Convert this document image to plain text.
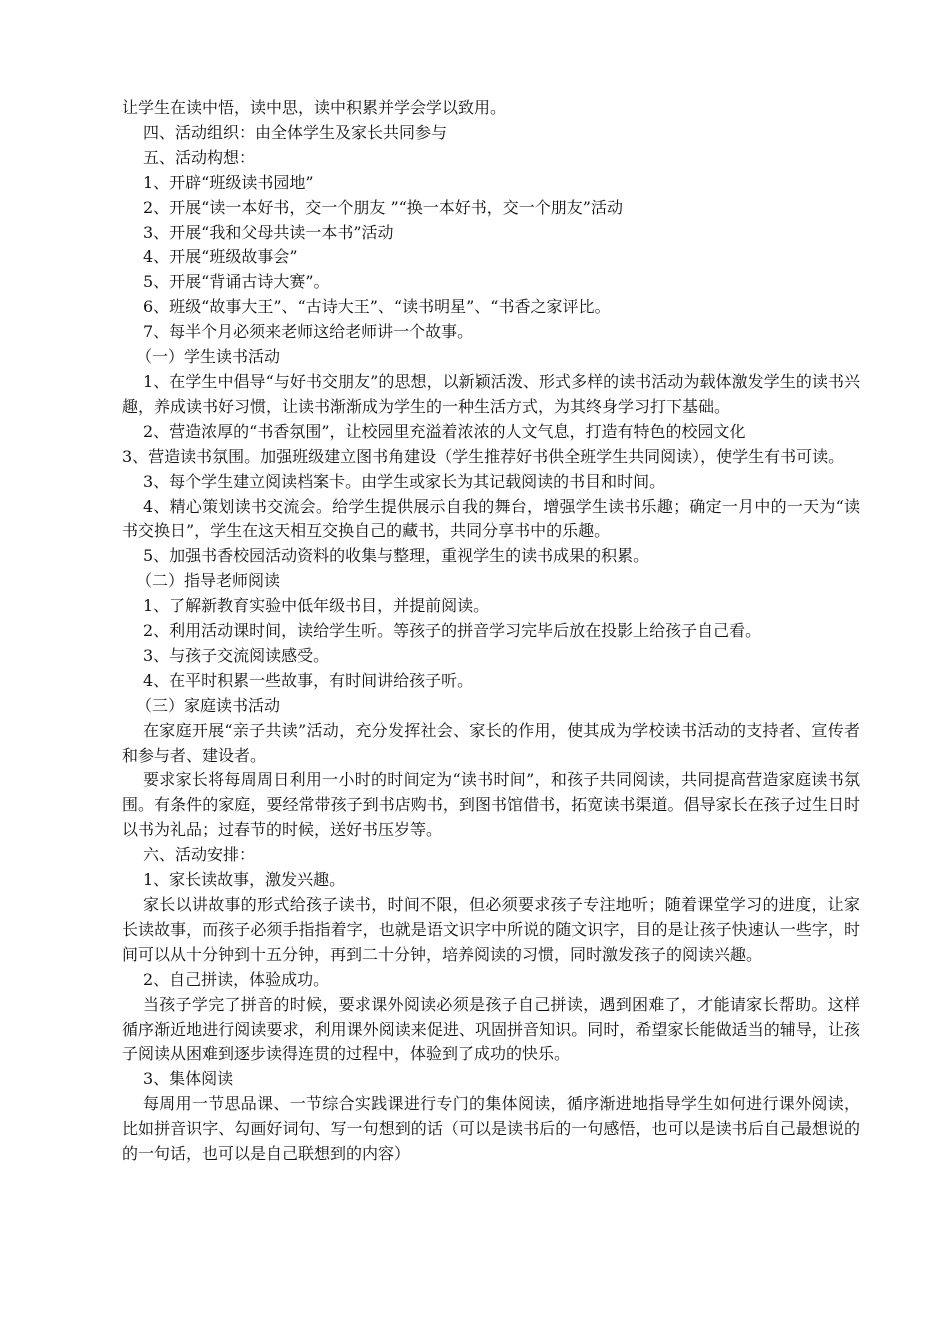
让学生在读中悟，读中思，读中积累并学会学以致用。

四、活动组织：由全体学生及家长共同参与

五、活动构想：

1、开辟“班级读书园地”

2、开展“读一本好书，交一个朋友 ”“换一本好书，交一个朋友”活动

3、开展“我和父母共读一本书”活动

4、开展“班级故事会”

5、开展“背诵古诗大赛”。

6、班级“故事大王”、“古诗大王”、“读书明星”、“书香之家评比。

7、每半个月必须来老师这给老师讲一个故事。

（一）学生读书活动

1、在学生中倡导“与好书交朋友”的思想，以新颖活泼、形式多样的读书活动为载体激发学生的读书兴趣，养成读书好习惯，让读书渐渐成为学生的一种生活方式，为其终身学习打下基础。

2、营造浓厚的“书香氛围”，让校园里充溢着浓浓的人文气息，打造有特色的校园文化

3、营造读书氛围。加强班级建立图书角建设（学生推荐好书供全班学生共同阅读），使学生有书可读。

3、每个学生建立阅读档案卡。由学生或家长为其记载阅读的书目和时间。

4、精心策划读书交流会。给学生提供展示自我的舞台，增强学生读书乐趣；确定一月中的一天为“读书交换日”，学生在这天相互交换自己的藏书，共同分享书中的乐趣。

5、加强书香校园活动资料的收集与整理，重视学生的读书成果的积累。

（二）指导老师阅读

1、了解新教育实验中低年级书目，并提前阅读。

2、利用活动课时间，读给学生听。等孩子的拼音学习完毕后放在投影上给孩子自己看。

3、与孩子交流阅读感受。

4、在平时积累一些故事，有时间讲给孩子听。

（三）家庭读书活动

在家庭开展“亲子共读”活动，充分发挥社会、家长的作用，使其成为学校读书活动的支持者、宣传者和参与者、建设者。

要求家长将每周周日利用一小时的时间定为“读书时间”，和孩子共同阅读，共同提高营造家庭读书氛围。有条件的家庭，要经常带孩子到书店购书，到图书馆借书，拓宽读书渠道。倡导家长在孩子过生日时以书为礼品；过春节的时候，送好书压岁等。

六、活动安排：

1、家长读故事，激发兴趣。

家长以讲故事的形式给孩子读书，时间不限，但必须要求孩子专注地听；随着课堂学习的进度，让家长读故事，而孩子必须手指指着字，也就是语文识字中所说的随文识字，目的是让孩子快速认一些字，时间可以从十分钟到十五分钟，再到二十分钟，培养阅读的习惯，同时激发孩子的阅读兴趣。

2、自己拼读，体验成功。

当孩子学完了拼音的时候，要求课外阅读必须是孩子自己拼读，遇到困难了，才能请家长帮助。这样循序渐近地进行阅读要求，利用课外阅读来促进、巩固拼音知识。同时，希望家长能做适当的辅导，让孩子阅读从困难到逐步读得连贯的过程中，体验到了成功的快乐。

3、集体阅读

每周用一节思品课、一节综合实践课进行专门的集体阅读，循序渐进地指导学生如何进行课外阅读，比如拼音识字、勾画好词句、写一句想到的话（可以是读书后的一句感悟，也可以是读书后自己最想说的的一句话，也可以是自己联想到的内容）
